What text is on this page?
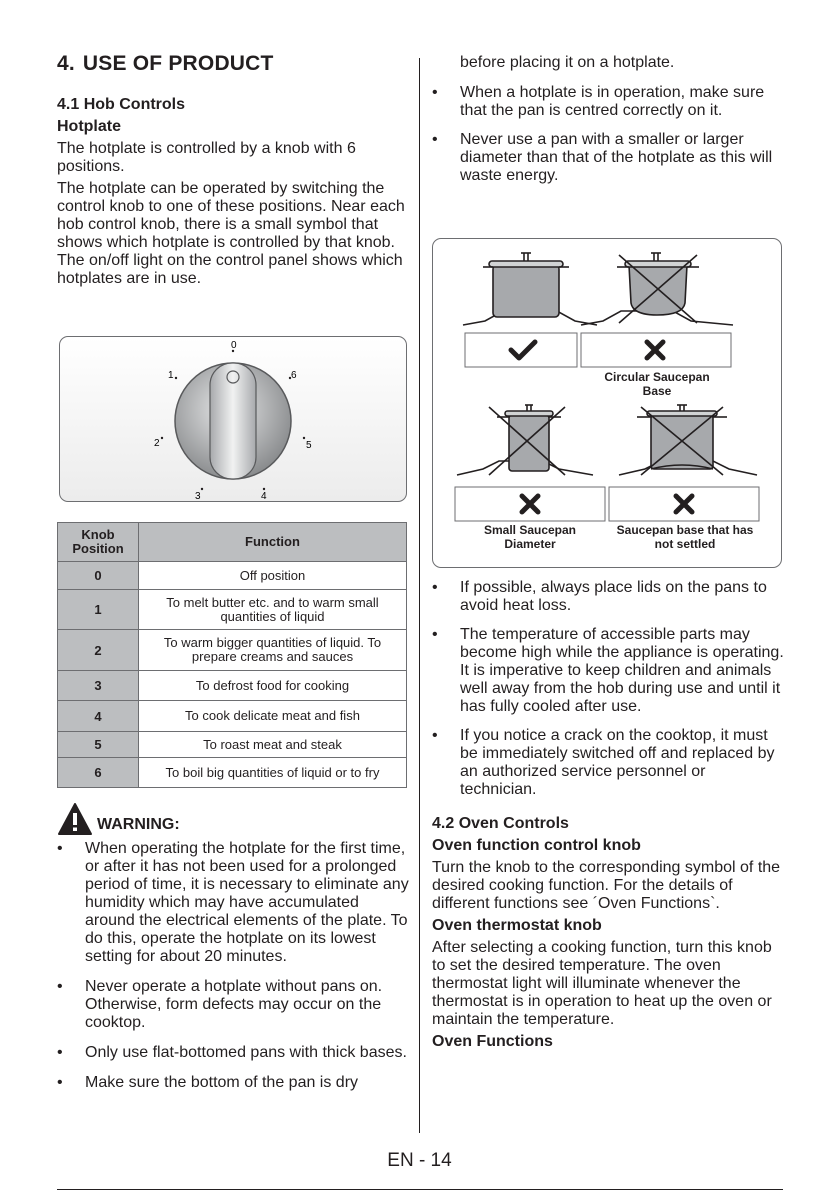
4. USE OF PRODUCT
4.1 Hob Controls
Hotplate

The hotplate is controlled by a knob with 6 positions.

The hotplate can be operated by switching the control knob to one of these positions. Near each hob control knob, there is a small symbol that shows which hotplate is controlled by that knob. The on/off light on the control panel shows which hotplates are in use.

0
1
2
3	4
5
6
Knob Position	Function
0	Off position
1	To melt butter etc. and to warm small quantities of liquid
2	To warm bigger quantities of liquid. To prepare creams and sauces
3	To defrost food for cooking
4	To cook delicate meat and fish
5	To roast meat and steak
6	To boil big quantities of liquid or to fry
WARNING:
• When operating the hotplate for the first time, or after it has not been used for a prolonged period of time, it is necessary to eliminate any humidity which may have accumulated around the electrical elements of the plate. To do this, operate the hotplate on its lowest setting for about 20 minutes.
• Never operate a hotplate without pans on. Otherwise, form defects may occur on the cooktop.
• Only use flat-bottomed pans with thick bases.
• Make sure the bottom of the pan is dry

before placing it on a hotplate.

• When a hotplate is in operation, make sure that the pan is centred correctly on it.
• Never use a pan with a smaller or larger diameter than that of the hotplate as this will waste energy.
Circular Saucepan Base
Small Saucepan Diameter
Saucepan base that has not settled
• If possible, always place lids on the pans to avoid heat loss.
• The temperature of accessible parts may become high while the appliance is operating. It is imperative to keep children and animals well away from the hob during use and until it has fully cooled after use.
• If you notice a crack on the cooktop, it must be immediately switched off and replaced by an authorized service personnel or technician.
4.2 Oven Controls
Oven function control knob

Turn the knob to the corresponding symbol of the desired cooking function. For the details of different functions see ´Oven Functions`.

Oven thermostat knob

After selecting a cooking function, turn this knob to set the desired temperature. The oven thermostat light will illuminate whenever the thermostat is in operation to heat up the oven or maintain the temperature.

Oven Functions
EN - 14
